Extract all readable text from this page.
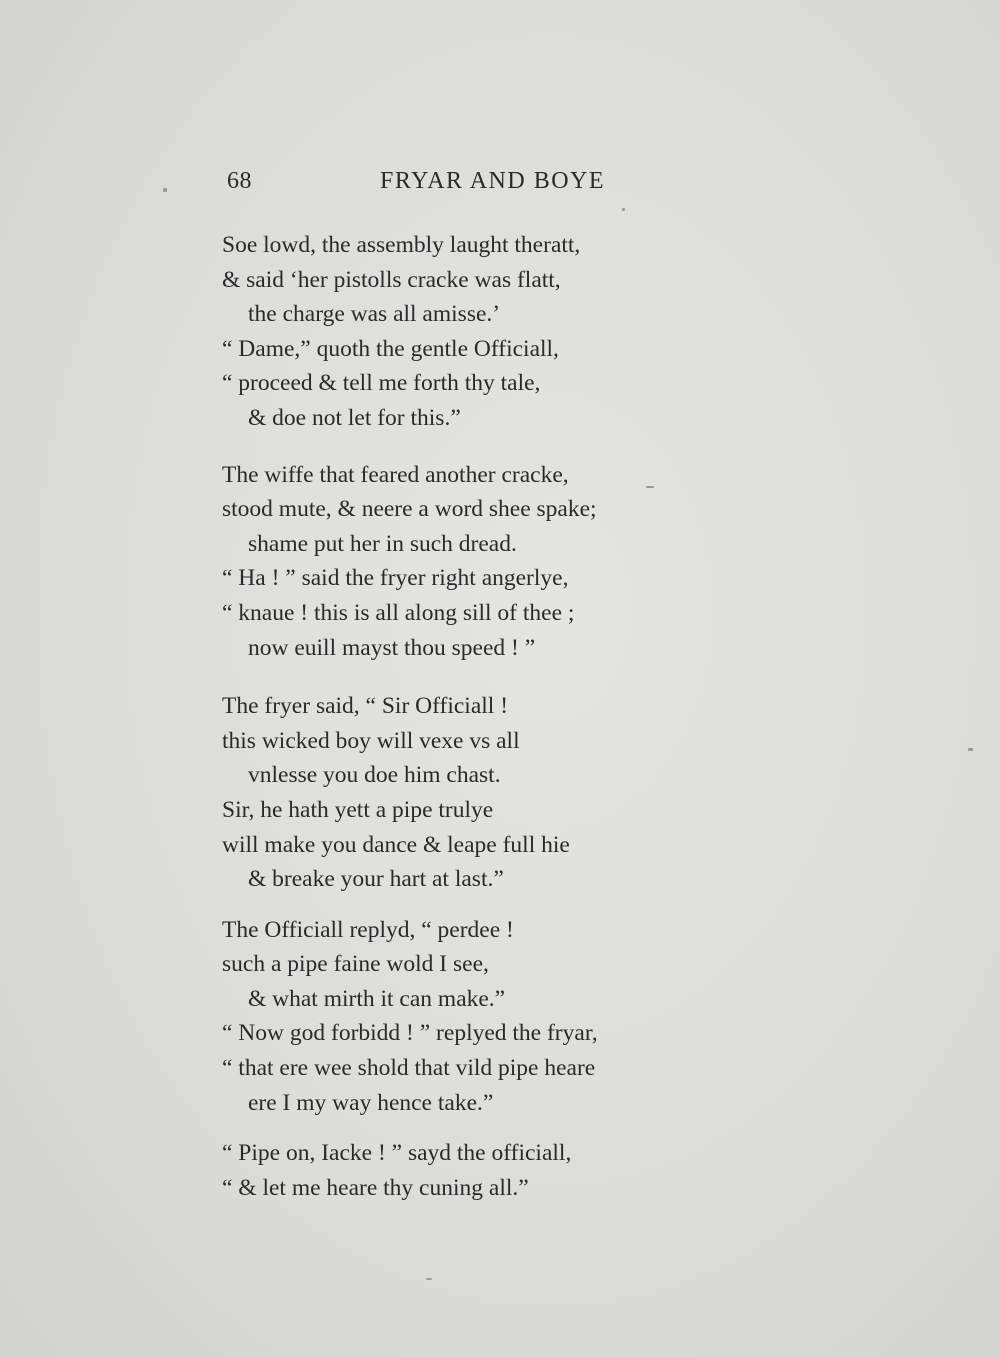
68	FRYAR AND BOYE
Soe lowd, the assembly laught theratt,
& said ‘her pistolls cracke was flatt,
the charge was all amisse.’
“ Dame,” quoth the gentle Officiall,
“ proceed & tell me forth thy tale,
& doe not let for this.”
The wiffe that feared another cracke,
stood mute, & neere a word shee spake;
shame put her in such dread.
“ Ha ! ” said the fryer right angerlye,
“ knaue ! this is all along sill of thee ;
now euill mayst thou speed ! ”
The fryer said, “ Sir Officiall !
this wicked boy will vexe vs all
vnlesse you doe him chast.
Sir, he hath yett a pipe trulye
will make you dance & leape full hie
& breake your hart at last.”
The Officiall replyd, “ perdee !
such a pipe faine wold I see,
& what mirth it can make.”
“ Now god forbidd ! ” replyed the fryar,
“ that ere wee shold that vild pipe heare
ere I my way hence take.”
“ Pipe on, Iacke ! ” sayd the officiall,
“ & let me heare thy cuning all.”
